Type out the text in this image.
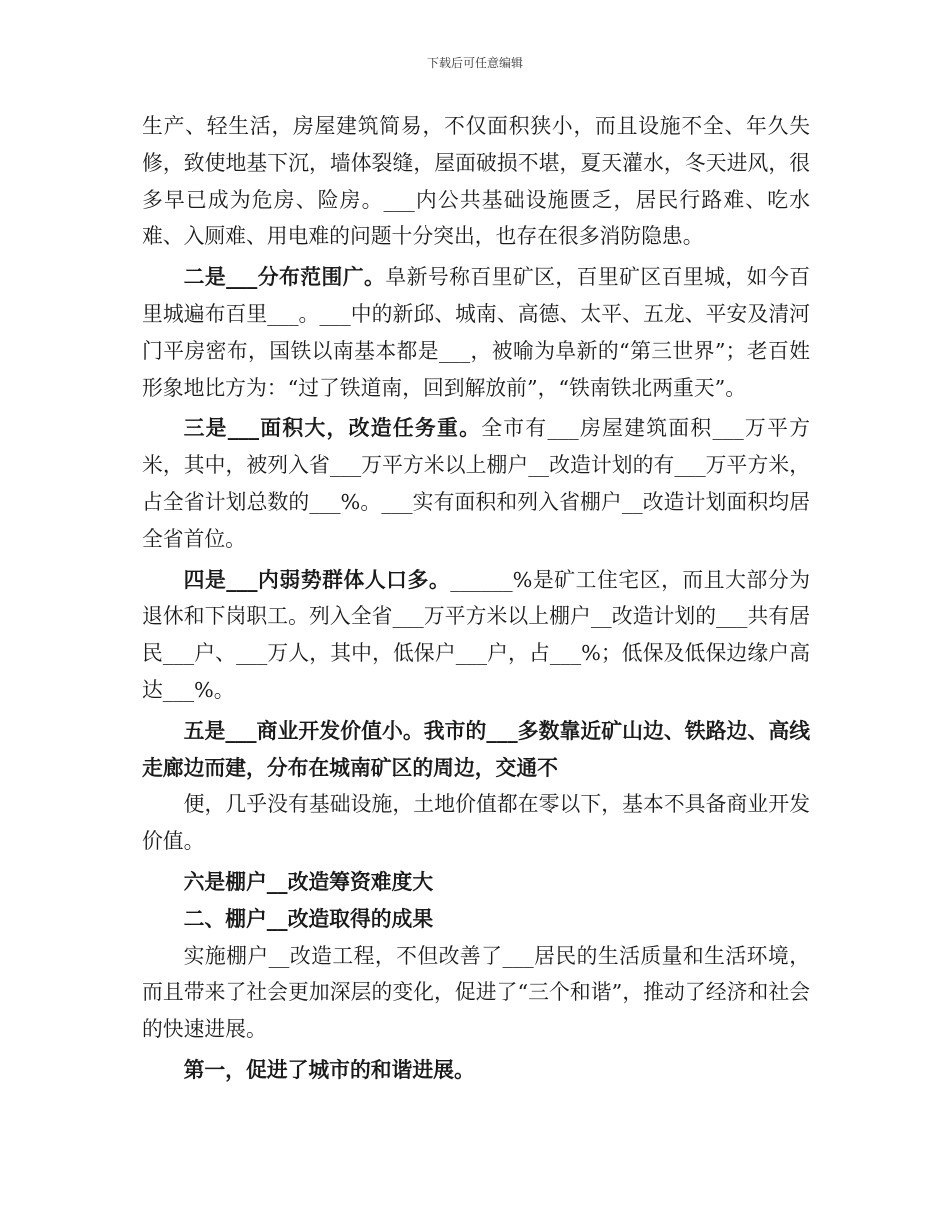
下载后可任意编辑

生产、轻生活，房屋建筑简易，不仅面积狭小，而且设施不全、年久失修，致使地基下沉，墙体裂缝，屋面破损不堪，夏天灌水，冬天进风，很多早已成为危房、险房。___内公共基础设施匮乏，居民行路难、吃水难、入厕难、用电难的问题十分突出，也存在很多消防隐患。

二是___分布范围广。阜新号称百里矿区，百里矿区百里城，如今百里城遍布百里___。___中的新邱、城南、高德、太平、五龙、平安及清河门平房密布，国铁以南基本都是___，被喻为阜新的“第三世界”；老百姓形象地比方为：“过了铁道南，回到解放前”，“铁南铁北两重天”。

三是___面积大，改造任务重。全市有___房屋建筑面积___万平方米，其中，被列入省___万平方米以上棚户__改造计划的有___万平方米，占全省计划总数的___%。___实有面积和列入省棚户__改造计划面积均居全省首位。

四是___内弱势群体人口多。______%是矿工住宅区，而且大部分为退休和下岗职工。列入全省___万平方米以上棚户__改造计划的___共有居民___户、___万人，其中，低保户___户，占___%；低保及低保边缘户高达___%。

五是___商业开发价值小。我市的___多数靠近矿山边、铁路边、高线走廊边而建，分布在城南矿区的周边，交通不

便，几乎没有基础设施，土地价值都在零以下，基本不具备商业开发价值。

六是棚户__改造筹资难度大

二、棚户__改造取得的成果

实施棚户__改造工程，不但改善了___居民的生活质量和生活环境，而且带来了社会更加深层的变化，促进了“三个和谐”，推动了经济和社会的快速进展。

第一，促进了城市的和谐进展。
